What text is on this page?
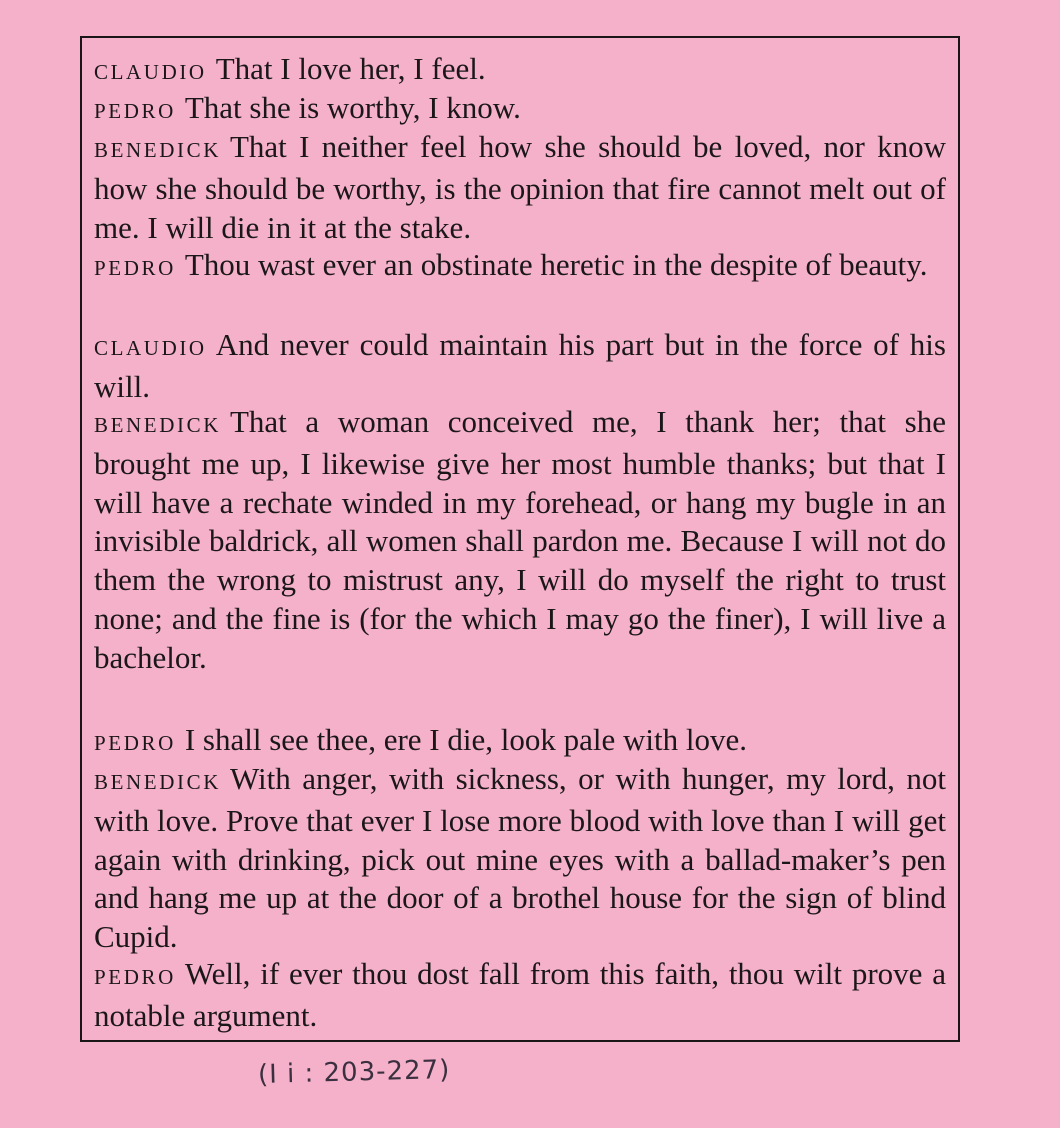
CLAUDIO That I love her, I feel.

PEDRO That she is worthy, I know.

BENEDICK That I neither feel how she should be loved, nor know how she should be worthy, is the opinion that fire cannot melt out of me. I will die in it at the stake.

PEDRO Thou wast ever an obstinate heretic in the despite of beauty.

CLAUDIO And never could maintain his part but in the force of his will.

BENEDICK That a woman conceived me, I thank her; that she brought me up, I likewise give her most humble thanks; but that I will have a rechate winded in my forehead, or hang my bugle in an invisible baldrick, all women shall pardon me. Because I will not do them the wrong to mistrust any, I will do myself the right to trust none; and the fine is (for the which I may go the finer), I will live a bachelor.

PEDRO I shall see thee, ere I die, look pale with love.

BENEDICK With anger, with sickness, or with hunger, my lord, not with love. Prove that ever I lose more blood with love than I will get again with drinking, pick out mine eyes with a ballad-maker’s pen and hang me up at the door of a brothel house for the sign of blind Cupid.

PEDRO Well, if ever thou dost fall from this faith, thou wilt prove a notable argument.

(I i : 203-227)
